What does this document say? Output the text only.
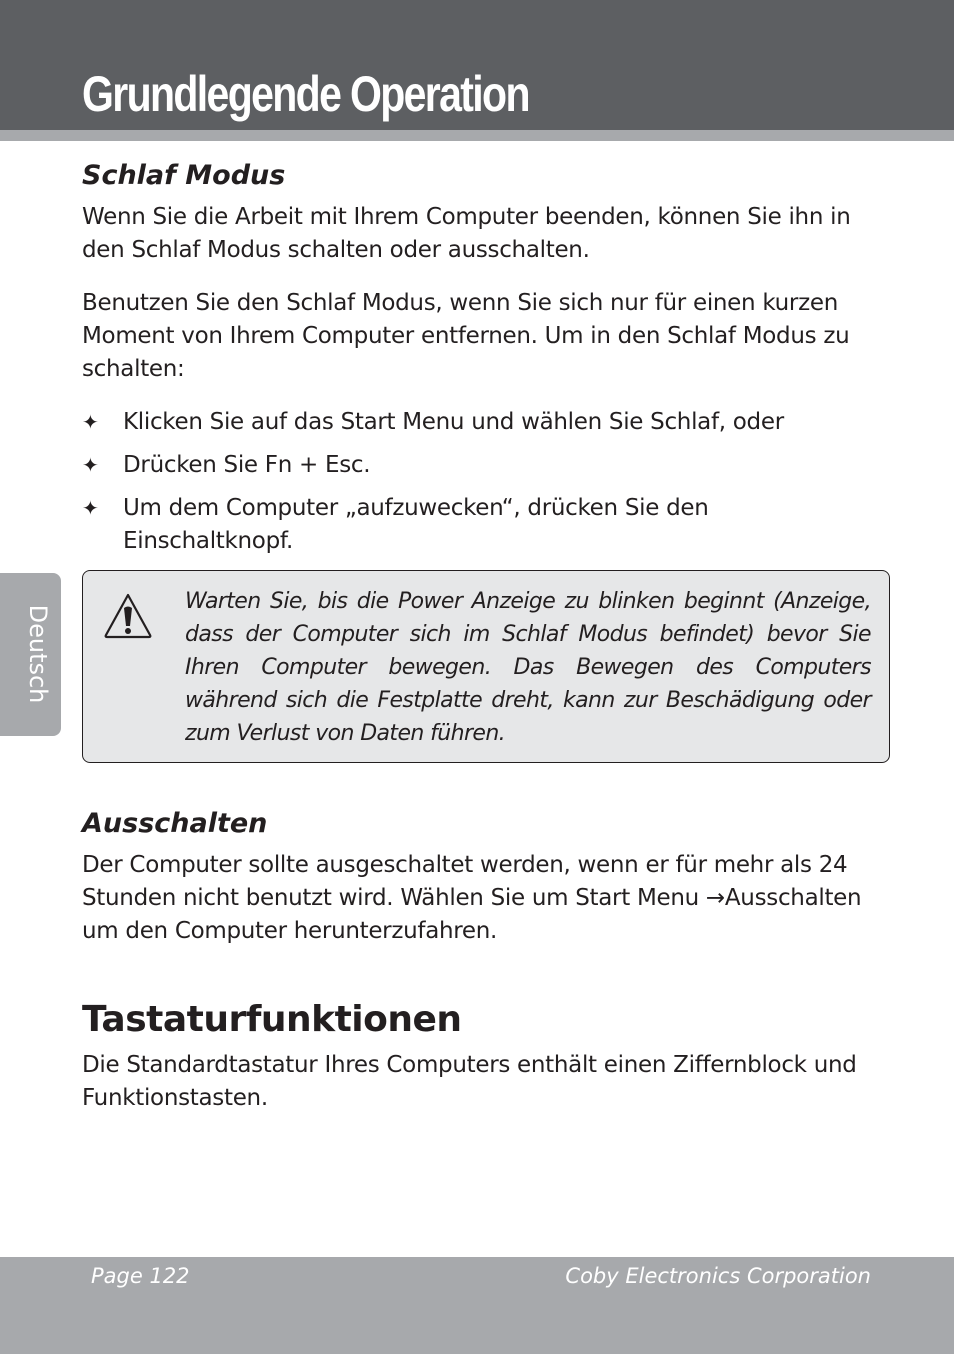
Grundlegende Operation
Deutsch
Schlaf Modus

Wenn Sie die Arbeit mit Ihrem Computer beenden, können Sie ihn in den Schlaf Modus schalten oder ausschalten.

Benutzen Sie den Schlaf Modus, wenn Sie sich nur für einen kurzen Moment von Ihrem Computer entfernen. Um in den Schlaf Modus zu schalten:

✦ Klicken Sie auf das Start Menu und wählen Sie Schlaf, oder
✦ Drücken Sie Fn + Esc.
✦ Um dem Computer „aufzuwecken“, drücken Sie den Einschaltknopf.

Warten Sie, bis die Power Anzeige zu blinken beginnt (Anzeige, dass der Computer sich im Schlaf Modus befindet) bevor Sie Ihren Computer bewegen. Das Bewegen des Computers während sich die Festplatte dreht, kann zur Beschädigung oder zum Verlust von Daten führen.

Ausschalten

Der Computer sollte ausgeschaltet werden, wenn er für mehr als 24 Stunden nicht benutzt wird. Wählen Sie um Start Menu →Ausschalten um den Computer herunterzufahren.

Tastaturfunktionen

Die Standardtastatur Ihres Computers enthält einen Ziffernblock und Funktionstasten.

Page 122	Coby Electronics Corporation
